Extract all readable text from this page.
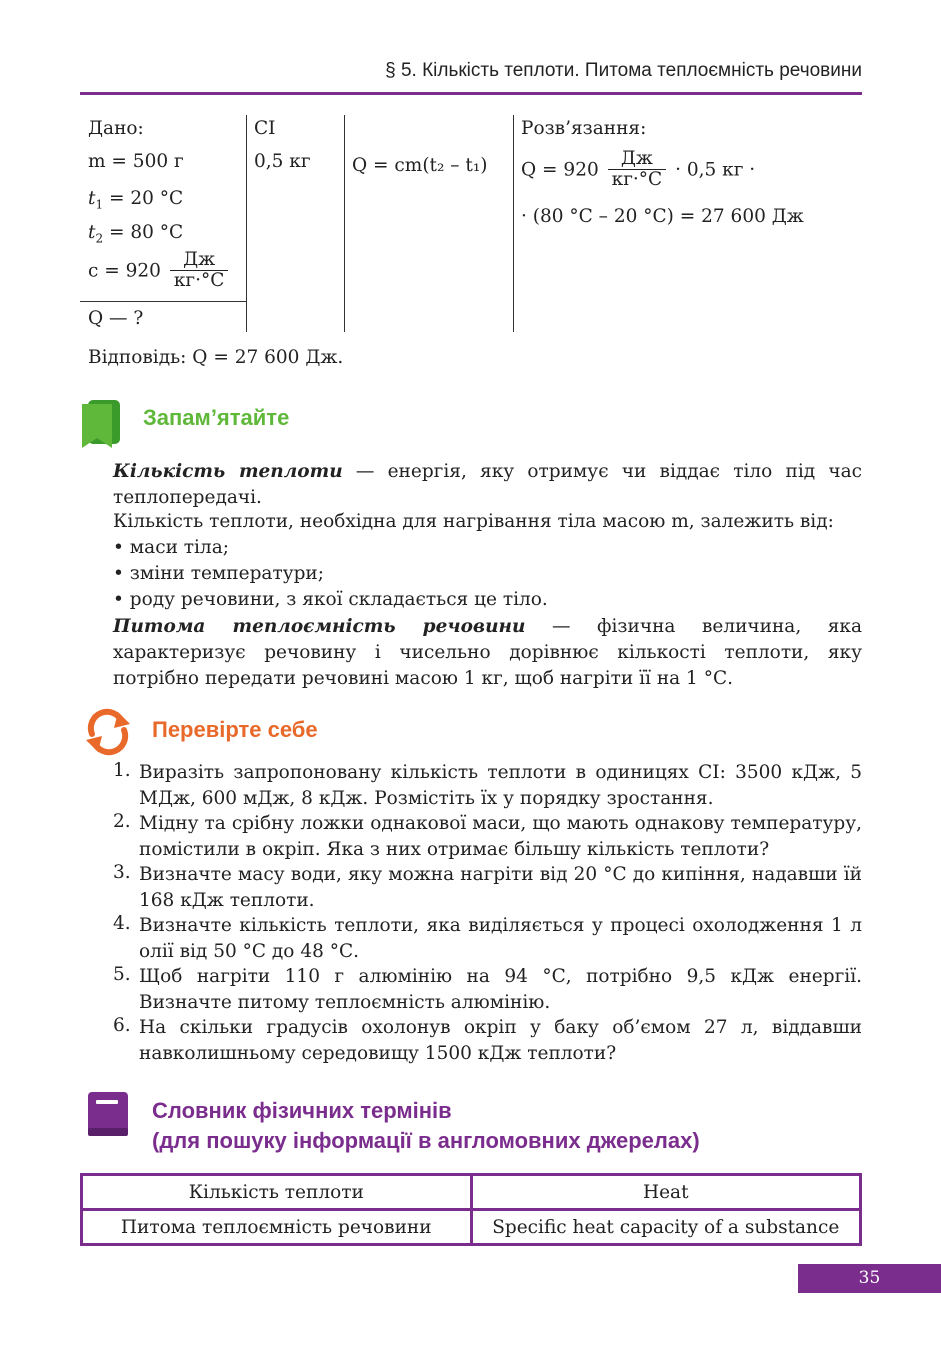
§ 5. Кількість теплоти. Питома теплоємність речовини
Дано:	СІ
m = 500 г	0,5 кг
$t_1 = 20$ °С
$t_2 = 80$ °С
$c = 920 \frac{Дж}{кг\cdot^\circ С}$
Q — ?
Q = cm(t₂ – t₁)
Розв’язання:
$Q = 920 \frac{Дж}{кг\cdot^\circ С} \cdot 0,5$ кг ·
· (80 °С – 20 °С) = 27 600 Дж
Відповідь: Q = 27 600 Дж.
Запам’ятайте
Кількість теплоти — енергія, яку отримує чи віддає тіло під час теплопередачі.
Кількість теплоти, необхідна для нагрівання тіла масою m, залежить від:
• маси тіла;
• зміни температури;
• роду речовини, з якої складається це тіло.
Питома теплоємність речовини — фізична величина, яка характеризує речовину і чисельно дорівнює кількості теплоти, яку потрібно передати речовині масою 1 кг, щоб нагріти її на 1 °С.
Перевірте себе
1. Виразіть запропоновану кількість теплоти в одиницях СІ: 3500 кДж, 5 МДж, 600 мДж, 8 кДж. Розмістіть їх у порядку зростання.
2. Мідну та срібну ложки однакової маси, що мають однакову температуру, помістили в окріп. Яка з них отримає більшу кількість теплоти?
3. Визначте масу води, яку можна нагріти від 20 °С до кипіння, надавши їй 168 кДж теплоти.
4. Визначте кількість теплоти, яка виділяється у процесі охолодження 1 л олії від 50 °С до 48 °С.
5. Щоб нагріти 110 г алюмінію на 94 °С, потрібно 9,5 кДж енергії. Визначте питому теплоємність алюмінію.
6. На скільки градусів охолонув окріп у баку об’ємом 27 л, віддавши навколишньому середовищу 1500 кДж теплоти?
Словник фізичних термінів
(для пошуку інформації в англомовних джерелах)
Кількість теплоти	Heat
Питома теплоємність речовини	Specific heat capacity of a substance
35
